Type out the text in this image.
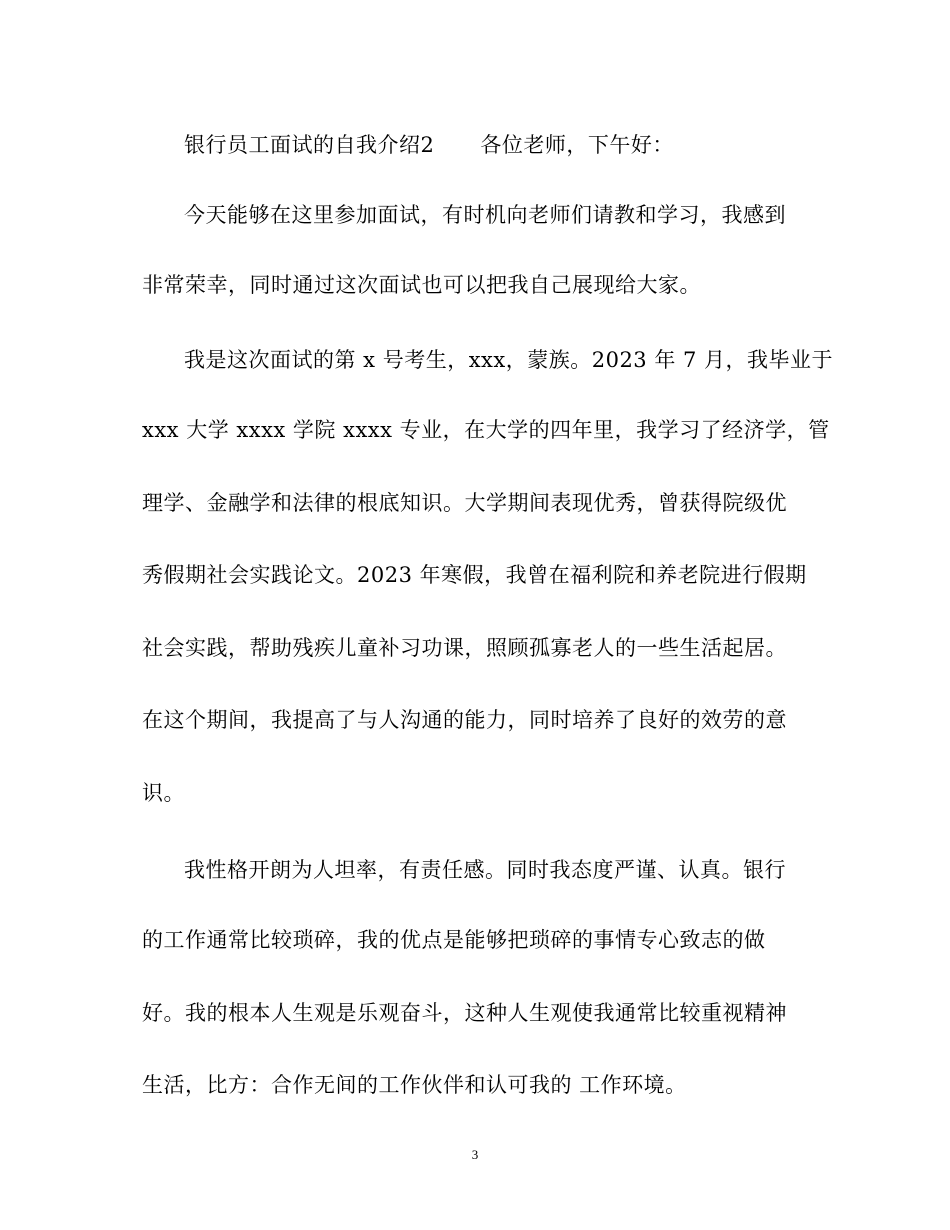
银行员工面试的自我介绍2 各位老师，下午好：
今天能够在这里参加面试，有时机向老师们请教和学习，我感到
非常荣幸，同时通过这次面试也可以把我自己展现给大家。
我是这次面试的第 x 号考生，xxx，蒙族。2023 年 7 月，我毕业于
xxx 大学 xxxx 学院 xxxx 专业，在大学的四年里，我学习了经济学，管
理学、金融学和法律的根底知识。大学期间表现优秀，曾获得院级优
秀假期社会实践论文。2023 年寒假，我曾在福利院和养老院进行假期
社会实践，帮助残疾儿童补习功课，照顾孤寡老人的一些生活起居。
在这个期间，我提高了与人沟通的能力，同时培养了良好的效劳的意
识。
我性格开朗为人坦率，有责任感。同时我态度严谨、认真。银行
的工作通常比较琐碎，我的优点是能够把琐碎的事情专心致志的做
好。我的根本人生观是乐观奋斗，这种人生观使我通常比较重视精神
生活，比方：合作无间的工作伙伴和认可我的 工作环境。
3
